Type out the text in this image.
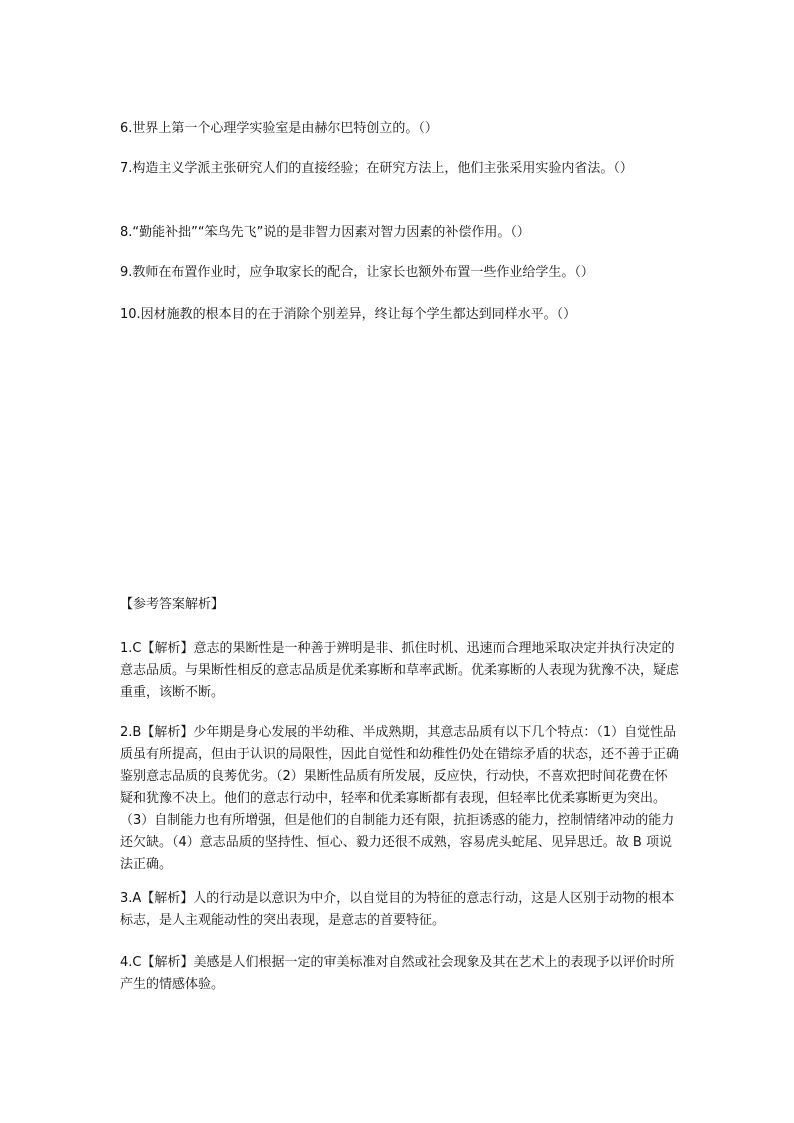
6.世界上第一个心理学实验室是由赫尔巴特创立的。（）

7.构造主义学派主张研究人们的直接经验；在研究方法上，他们主张采用实验内省法。（）

8.“勤能补拙”“笨鸟先飞”说的是非智力因素对智力因素的补偿作用。（）

9.教师在布置作业时，应争取家长的配合，让家长也额外布置一些作业给学生。（）

10.因材施教的根本目的在于消除个别差异，终让每个学生都达到同样水平。（）

【参考答案解析】

1.C【解析】意志的果断性是一种善于辨明是非、抓住时机、迅速而合理地采取决定并执行决定的意志品质。与果断性相反的意志品质是优柔寡断和草率武断。优柔寡断的人表现为犹豫不决，疑虑重重，该断不断。

2.B【解析】少年期是身心发展的半幼稚、半成熟期，其意志品质有以下几个特点：（1）自觉性品质虽有所提高，但由于认识的局限性，因此自觉性和幼稚性仍处在错综矛盾的状态，还不善于正确鉴别意志品质的良莠优劣。（2）果断性品质有所发展，反应快，行动快，不喜欢把时间花费在怀疑和犹豫不决上。他们的意志行动中，轻率和优柔寡断都有表现，但轻率比优柔寡断更为突出。（3）自制能力也有所增强，但是他们的自制能力还有限，抗拒诱惑的能力，控制情绪冲动的能力还欠缺。（4）意志品质的坚持性、恒心、毅力还很不成熟，容易虎头蛇尾、见异思迁。故 B 项说法正确。

3.A【解析】人的行动是以意识为中介，以自觉目的为特征的意志行动，这是人区别于动物的根本标志，是人主观能动性的突出表现，是意志的首要特征。

4.C【解析】美感是人们根据一定的审美标准对自然或社会现象及其在艺术上的表现予以评价时所产生的情感体验。
